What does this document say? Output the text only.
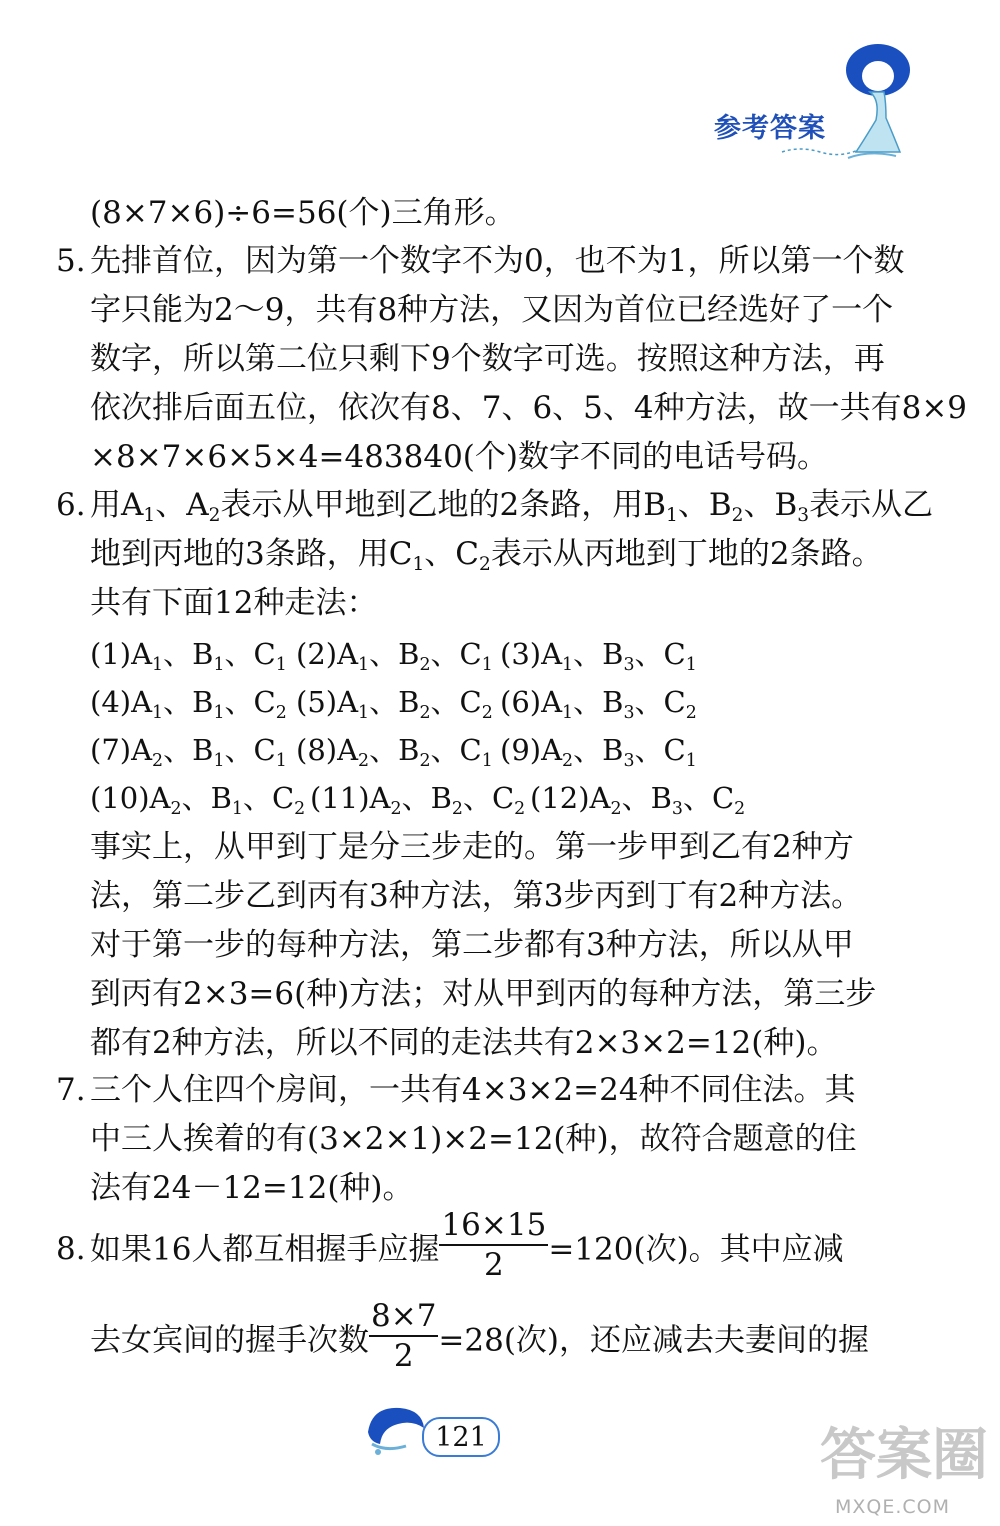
参考答案
(8×7×6)÷6=56(个)三角形。
5. 先排首位，因为第一个数字不为0，也不为1，所以第一个数
字只能为2～9，共有8种方法，又因为首位已经选好了一个
数字，所以第二位只剩下9个数字可选。按照这种方法，再
依次排后面五位，依次有8、7、6、5、4种方法，故一共有8×9
×8×7×6×5×4=483840(个)数字不同的电话号码。
6. 用$A_1$、$A_2$表示从甲地到乙地的2条路，用$B_1$、$B_2$、$B_3$表示从乙
地到丙地的3条路，用$C_1$、$C_2$表示从丙地到丁地的2条路。
共有下面12种走法：
$(1)A_1$、$B_1$、$C_1$ $(2)A_1$、$B_2$、$C_1$ $(3)A_1$、$B_3$、$C_1$
$(4)A_1$、$B_1$、$C_2$ $(5)A_1$、$B_2$、$C_2$ $(6)A_1$、$B_3$、$C_2$
$(7)A_2$、$B_1$、$C_1$ $(8)A_2$、$B_2$、$C_1$ $(9)A_2$、$B_3$、$C_1$
$(10)A_2$、$B_1$、$C_2$ $(11)A_2$、$B_2$、$C_2$ $(12)A_2$、$B_3$、$C_2$
事实上，从甲到丁是分三步走的。第一步甲到乙有2种方
法，第二步乙到丙有3种方法，第3步丙到丁有2种方法。
对于第一步的每种方法，第二步都有3种方法，所以从甲
到丙有2×3=6(种)方法；对从甲到丙的每种方法，第三步
都有2种方法，所以不同的走法共有2×3×2=12(种)。
7. 三个人住四个房间，一共有4×3×2=24种不同住法。其
中三人挨着的有(3×2×1)×2=12(种)，故符合题意的住
法有24－12=12(种)。
8. 如果16人都互相握手应握 $\frac{16\times 15}{2} =120$(次)。其中应减
去女宾间的握手次数 $\frac{8\times 7}{2} =28$(次)，还应减去夫妻间的握
121	答案圈
MXQE.COM
